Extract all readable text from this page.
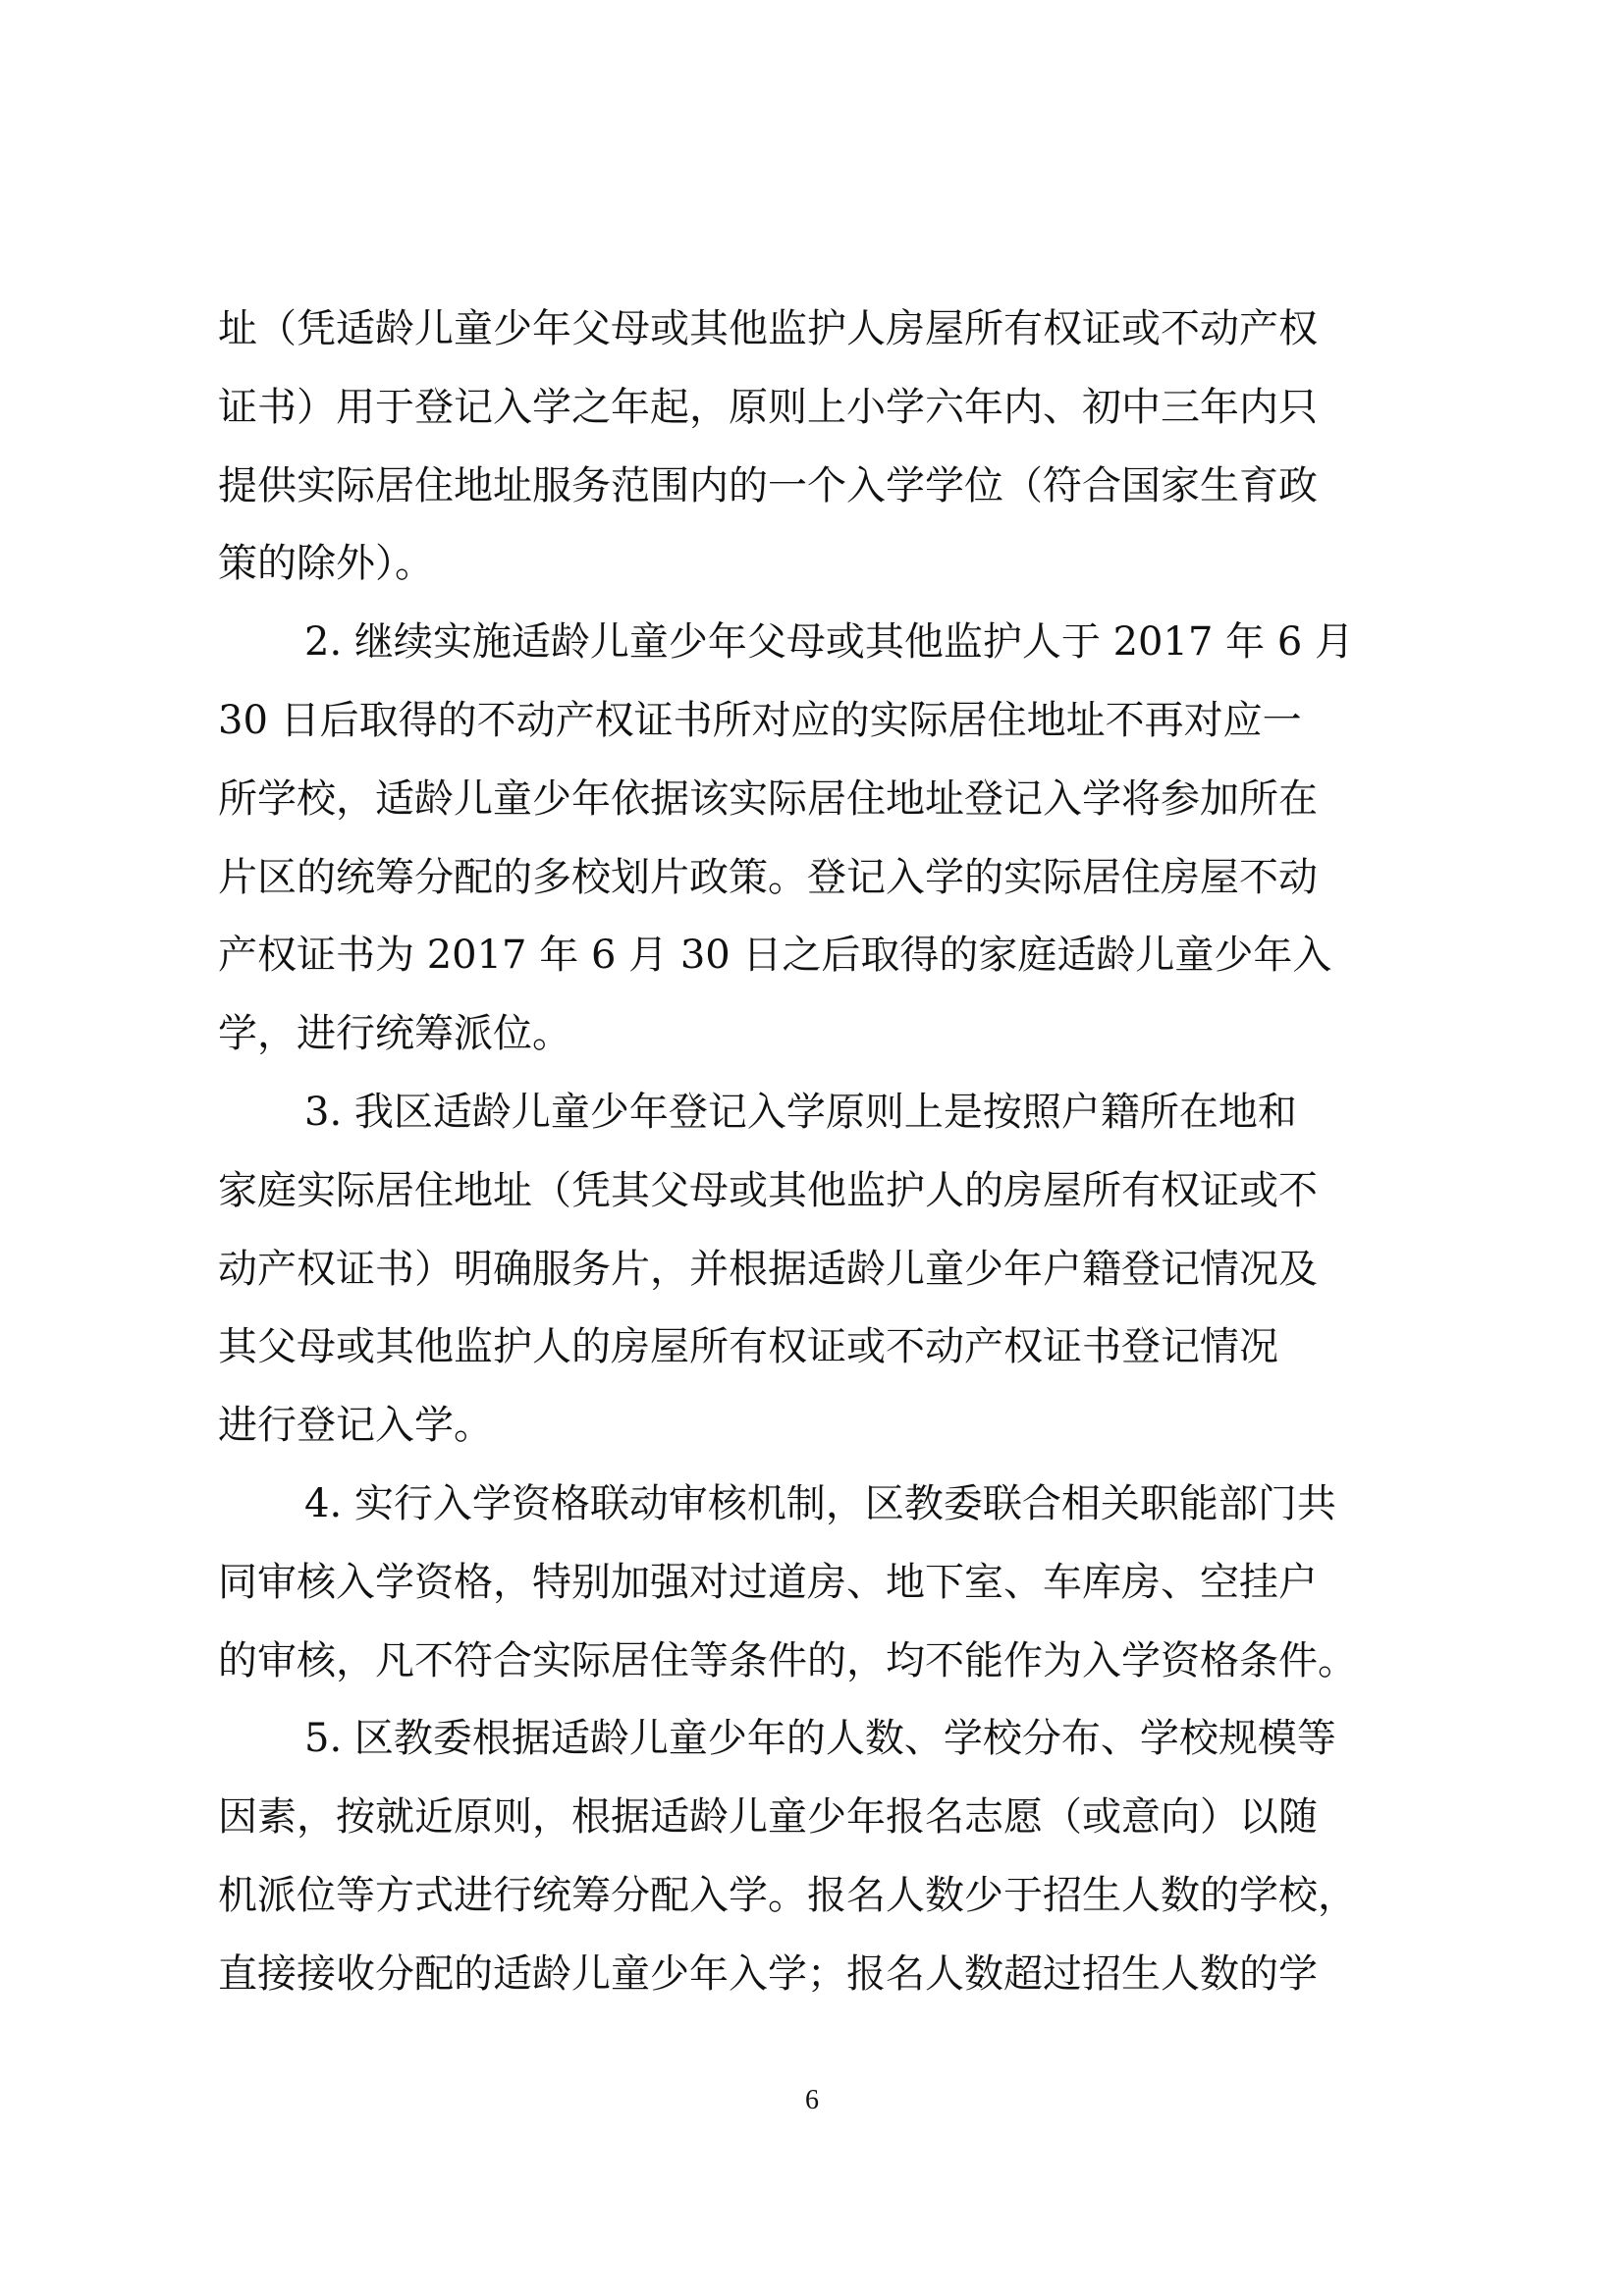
址（凭适龄儿童少年父母或其他监护人房屋所有权证或不动产权
证书）用于登记入学之年起，原则上小学六年内、初中三年内只
提供实际居住地址服务范围内的一个入学学位（符合国家生育政
策的除外）。

2. 继续实施适龄儿童少年父母或其他监护人于 2017 年 6 月
30 日后取得的不动产权证书所对应的实际居住地址不再对应一
所学校，适龄儿童少年依据该实际居住地址登记入学将参加所在
片区的统筹分配的多校划片政策。登记入学的实际居住房屋不动
产权证书为 2017 年 6 月 30 日之后取得的家庭适龄儿童少年入
学，进行统筹派位。

3. 我区适龄儿童少年登记入学原则上是按照户籍所在地和
家庭实际居住地址（凭其父母或其他监护人的房屋所有权证或不
动产权证书）明确服务片，并根据适龄儿童少年户籍登记情况及
其父母或其他监护人的房屋所有权证或不动产权证书登记情况
进行登记入学。

4. 实行入学资格联动审核机制，区教委联合相关职能部门共
同审核入学资格，特别加强对过道房、地下室、车库房、空挂户
的审核，凡不符合实际居住等条件的，均不能作为入学资格条件。

5. 区教委根据适龄儿童少年的人数、学校分布、学校规模等
因素，按就近原则，根据适龄儿童少年报名志愿（或意向）以随
机派位等方式进行统筹分配入学。报名人数少于招生人数的学校，
直接接收分配的适龄儿童少年入学；报名人数超过招生人数的学

6
